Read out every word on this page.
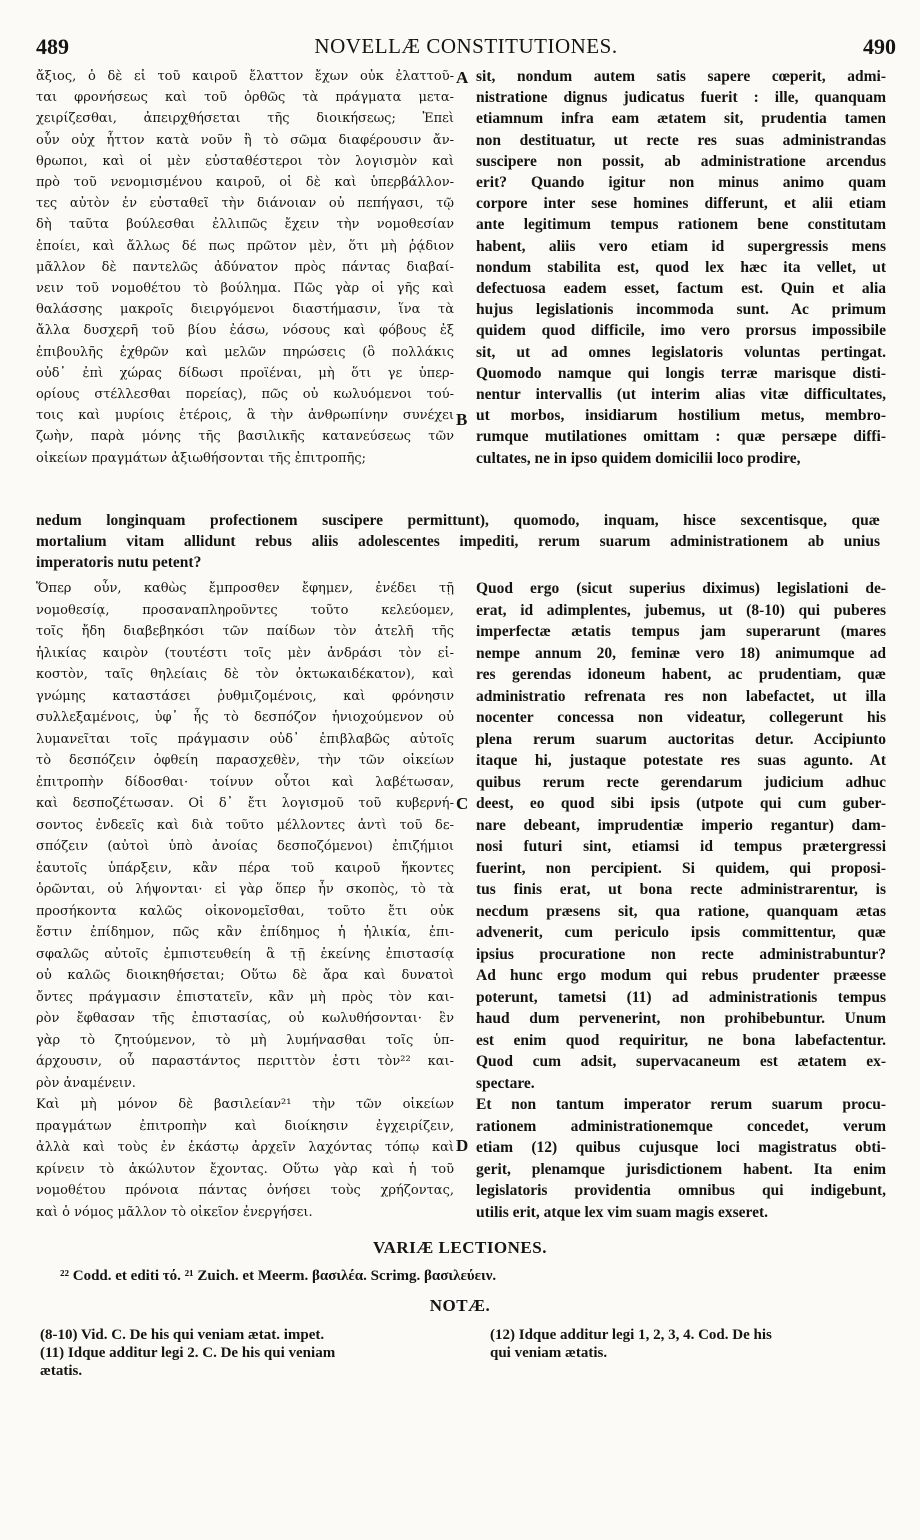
489	NOVELLÆ CONSTITUTIONES.	490
ἄξιος, ὁ δὲ εἰ τοῦ καιροῦ ἔλαττον ἔχων οὐκ ἐλαττοῦ-
ται φρονήσεως καὶ τοῦ ὀρθῶς τὰ πράγματα μετα-
χειρίζεσθαι, ἀπειρχθήσεται τῆς διοικήσεως; Ἐπεὶ
οὖν οὐχ ἧττον κατὰ νοῦν ἢ τὸ σῶμα διαφέρουσιν ἄν-
θρωποι, καὶ οἱ μὲν εὐσταθέστεροι τὸν λογισμὸν καὶ
πρὸ τοῦ νενομισμένου καιροῦ, οἱ δὲ καὶ ὑπερβάλλον-
τες αὐτὸν ἐν εὐσταθεῖ τὴν διάνοιαν οὐ πεπήγασι, τῷ
δὴ ταῦτα βούλεσθαι ἐλλιπῶς ἔχειν τὴν νομοθεσίαν
ἐποίει, καὶ ἄλλως δέ πως πρῶτον μὲν, ὅτι μὴ ῥᾴδιον
μᾶλλον δὲ παντελῶς ἀδύνατον πρὸς πάντας διαβαί-
νειν τοῦ νομοθέτου τὸ βούλημα. Πῶς γὰρ οἱ γῆς καὶ
θαλάσσης μακροῖς διειργόμενοι διαστήμασιν, ἵνα τὰ
ἄλλα δυσχερῆ τοῦ βίου ἐάσω, νόσους καὶ φόβους ἐξ
ἐπιβουλῆς ἐχθρῶν καὶ μελῶν πηρώσεις (ὃ πολλάκις
οὐδ᾽ ἐπὶ χώρας δίδωσι προϊέναι, μὴ ὅτι γε ὑπερ-
ορίους στέλλεσθαι πορείας), πῶς οὐ κωλυόμενοι τού-
τοις καὶ μυρίοις ἑτέροις, ἃ τὴν ἀνθρωπίνην συνέχει
ζωὴν, παρὰ μόνης τῆς βασιλικῆς κατανεύσεως τῶν
οἰκείων πραγμάτων ἀξιωθήσονται τῆς ἐπιτροπῆς;
sit, nondum autem satis sapere cœperit, admi-
nistratione dignus judicatus fuerit : ille, quanquam
etiamnum infra eam ætatem sit, prudentia tamen
non destituatur, ut recte res suas administrandas
suscipere non possit, ab administratione arcendus
erit? Quando igitur non minus animo quam
corpore inter sese homines differunt, et alii etiam
ante legitimum tempus rationem bene constitutam
habent, aliis vero etiam id supergressis mens
nondum stabilita est, quod lex hæc ita vellet, ut
defectuosa eadem esset, factum est. Quin et alia
hujus legislationis incommoda sunt. Ac primum
quidem quod difficile, imo vero prorsus impossibile
sit, ut ad omnes legislatoris voluntas pertingat.
Quomodo namque qui longis terræ marisque disti-
nentur intervallis (ut interim alias vitæ difficultates,
ut morbos, insidiarum hostilium metus, membro-
rumque mutilationes omittam : quæ persæpe diffi-
cultates, ne in ipso quidem domicilii loco prodire,
A
B
nedum longinquam profectionem suscipere permittunt), quomodo, inquam, hisce sexcentisque, quæ
mortalium vitam allidunt rebus aliis adolescentes impediti, rerum suarum administrationem ab unius
imperatoris nutu petent?
Ὅπερ οὖν, καθὼς ἔμπροσθεν ἔφημεν, ἐνέδει τῇ
νομοθεσίᾳ, προσαναπληροῦντες τοῦτο κελεύομεν,
τοῖς ἤδη διαβεβηκόσι τῶν παίδων τὸν ἀτελῆ τῆς
ἡλικίας καιρὸν (τουτέστι τοῖς μὲν ἀνδράσι τὸν εἰ-
κοστὸν, ταῖς θηλείαις δὲ τὸν ὀκτωκαιδέκατον), καὶ
γνώμης καταστάσει ῥυθμιζομένοις, καὶ φρόνησιν
συλλεξαμένοις, ὑφ᾽ ἧς τὸ δεσπόζον ἡνιοχούμενον οὐ
λυμανεῖται τοῖς πράγμασιν οὐδ᾽ ἐπιβλαβῶς αὐτοῖς
τὸ δεσπόζειν ὀφθείη παρασχεθὲν, τὴν τῶν οἰκείων
ἐπιτροπὴν δίδοσθαι· τοίνυν οὗτοι καὶ λαβέτωσαν,
καὶ δεσποζέτωσαν. Οἱ δ᾽ ἔτι λογισμοῦ τοῦ κυβερνή-
σοντος ἐνδεεῖς καὶ διὰ τοῦτο μέλλοντες ἀντὶ τοῦ δε-
σπόζειν (αὐτοὶ ὑπὸ ἀνοίας δεσποζόμενοι) ἐπιζήμιοι
ἑαυτοῖς ὑπάρξειν, κἂν πέρα τοῦ καιροῦ ἥκοντες
ὁρῶνται, οὐ λήψονται· εἰ γὰρ ὅπερ ἦν σκοπὸς, τὸ τὰ
προσήκοντα καλῶς οἰκονομεῖσθαι, τοῦτο ἔτι οὐκ
ἔστιν ἐπίδημον, πῶς κἂν ἐπίδημος ἡ ἡλικία, ἐπι-
σφαλῶς αὐτοῖς ἐμπιστευθείη ἃ τῇ ἐκείνης ἐπιστασίᾳ
οὐ καλῶς διοικηθήσεται; Οὕτω δὲ ἄρα καὶ δυνατοὶ
ὄντες πράγμασιν ἐπιστατεῖν, κἂν μὴ πρὸς τὸν και-
ρὸν ἔφθασαν τῆς ἐπιστασίας, οὐ κωλυθήσονται· ἓν
γὰρ τὸ ζητούμενον, τὸ μὴ λυμήνασθαι τοῖς ὑπ-
άρχουσιν, οὗ παραστάντος περιττὸν ἐστι τὸν²² και-
ρὸν ἀναμένειν.
Καὶ μὴ μόνον δὲ βασιλείαν²¹ τὴν τῶν οἰκείων
πραγμάτων ἐπιτροπὴν καὶ διοίκησιν ἐγχειρίζειν,
ἀλλὰ καὶ τοὺς ἐν ἑκάστῳ ἀρχεῖν λαχόντας τόπῳ καὶ
κρίνειν τὸ ἀκώλυτον ἔχοντας. Οὕτω γὰρ καὶ ἡ τοῦ
νομοθέτου πρόνοια πάντας ὀνήσει τοὺς χρήζοντας,
καὶ ὁ νόμος μᾶλλον τὸ οἰκεῖον ἐνεργήσει.
Quod ergo (sicut superius diximus) legislationi de-
erat, id adimplentes, jubemus, ut (8-10) qui puberes
imperfectæ ætatis tempus jam superarunt (mares
nempe annum 20, feminæ vero 18) animumque ad
res gerendas idoneum habent, ac prudentiam, quæ
administratio refrenata res non labefactet, ut illa
nocenter concessa non videatur, collegerunt his
plena rerum suarum auctoritas detur. Accipiunto
itaque hi, justaque potestate res suas agunto. At
quibus rerum recte gerendarum judicium adhuc
deest, eo quod sibi ipsis (utpote qui cum guber-
nare debeant, imprudentiæ imperio regantur) dam-
nosi futuri sint, etiamsi id tempus prætergressi
fuerint, non percipient. Si quidem, qui proposi-
tus finis erat, ut bona recte administrarentur, is
necdum præsens sit, qua ratione, quanquam ætas
advenerit, cum periculo ipsis committentur, quæ
ipsius procuratione non recte administrabuntur?
Ad hunc ergo modum qui rebus prudenter præesse
poterunt, tametsi (11) ad administrationis tempus
haud dum pervenerint, non prohibebuntur. Unum
est enim quod requiritur, ne bona labefactentur.
Quod cum adsit, supervacaneum est ætatem ex-
spectare.
Et non tantum imperator rerum suarum procu-
rationem administrationemque concedet, verum
etiam (12) quibus cujusque loci magistratus obti-
gerit, plenamque jurisdictionem habent. Ita enim
legislatoris providentia omnibus qui indigebunt,
utilis erit, atque lex vim suam magis exseret.
C
D
VARIÆ LECTIONES.
²² Codd. et editi τό. ²¹ Zuich. et Meerm. βασιλέα. Scrimg. βασιλεύειν.
NOTÆ.
(8-10) Vid. C. De his qui veniam ætat. impet.
(11) Idque additur legi 2. C. De his qui veniam
ætatis.
(12) Idque additur legi 1, 2, 3, 4. Cod. De his
qui veniam ætatis.
